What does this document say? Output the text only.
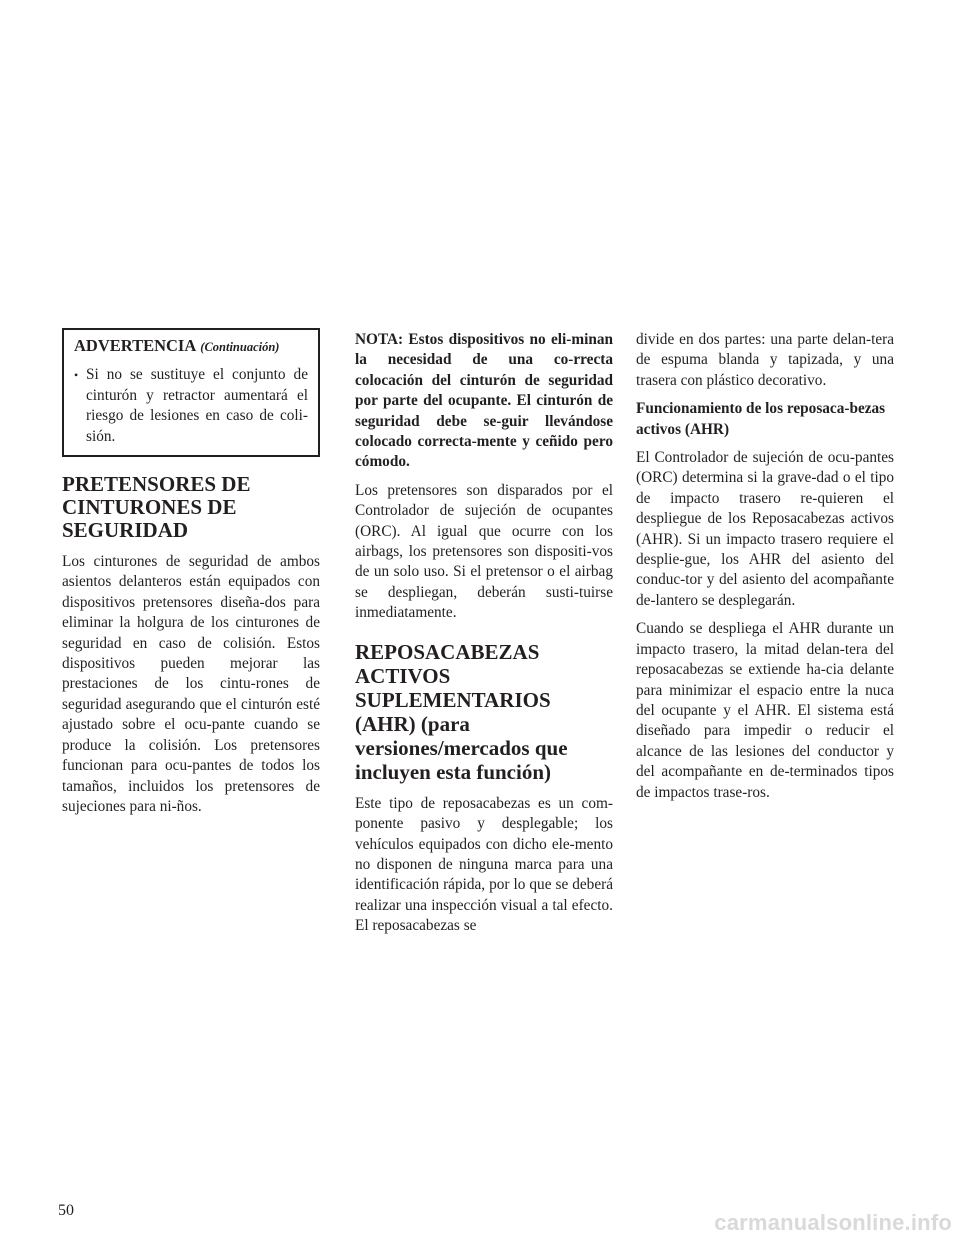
ADVERTENCIA (Continuación)
• Si no se sustituye el conjunto de cinturón y retractor aumentará el riesgo de lesiones en caso de coli-sión.
PRETENSORES DE CINTURONES DE SEGURIDAD
Los cinturones de seguridad de ambos asientos delanteros están equipados con dispositivos pretensores diseña-dos para eliminar la holgura de los cinturones de seguridad en caso de colisión. Estos dispositivos pueden mejorar las prestaciones de los cintu-rones de seguridad asegurando que el cinturón esté ajustado sobre el ocu-pante cuando se produce la colisión. Los pretensores funcionan para ocu-pantes de todos los tamaños, incluidos los pretensores de sujeciones para ni-ños.
NOTA: Estos dispositivos no eli-minan la necesidad de una co-rrecta colocación del cinturón de seguridad por parte del ocupante. El cinturón de seguridad debe se-guir llevándose colocado correcta-mente y ceñido pero cómodo.
Los pretensores son disparados por el Controlador de sujeción de ocupantes (ORC). Al igual que ocurre con los airbags, los pretensores son dispositi-vos de un solo uso. Si el pretensor o el airbag se despliegan, deberán susti-tuirse inmediatamente.
REPOSACABEZAS ACTIVOS SUPLEMENTARIOS (AHR) (para versiones/mercados que incluyen esta función)
Este tipo de reposacabezas es un com-ponente pasivo y desplegable; los vehículos equipados con dicho ele-mento no disponen de ninguna marca para una identificación rápida, por lo que se deberá realizar una inspección visual a tal efecto. El reposacabezas se
divide en dos partes: una parte delan-tera de espuma blanda y tapizada, y una trasera con plástico decorativo.
Funcionamiento de los reposaca-bezas activos (AHR)
El Controlador de sujeción de ocu-pantes (ORC) determina si la grave-dad o el tipo de impacto trasero re-quieren el despliegue de los Reposacabezas activos (AHR). Si un impacto trasero requiere el desplie-gue, los AHR del asiento del conduc-tor y del asiento del acompañante de-lantero se desplegarán.
Cuando se despliega el AHR durante un impacto trasero, la mitad delan-tera del reposacabezas se extiende ha-cia delante para minimizar el espacio entre la nuca del ocupante y el AHR. El sistema está diseñado para impedir o reducir el alcance de las lesiones del conductor y del acompañante en de-terminados tipos de impactos trase-ros.
50	carmanualsonline.info
